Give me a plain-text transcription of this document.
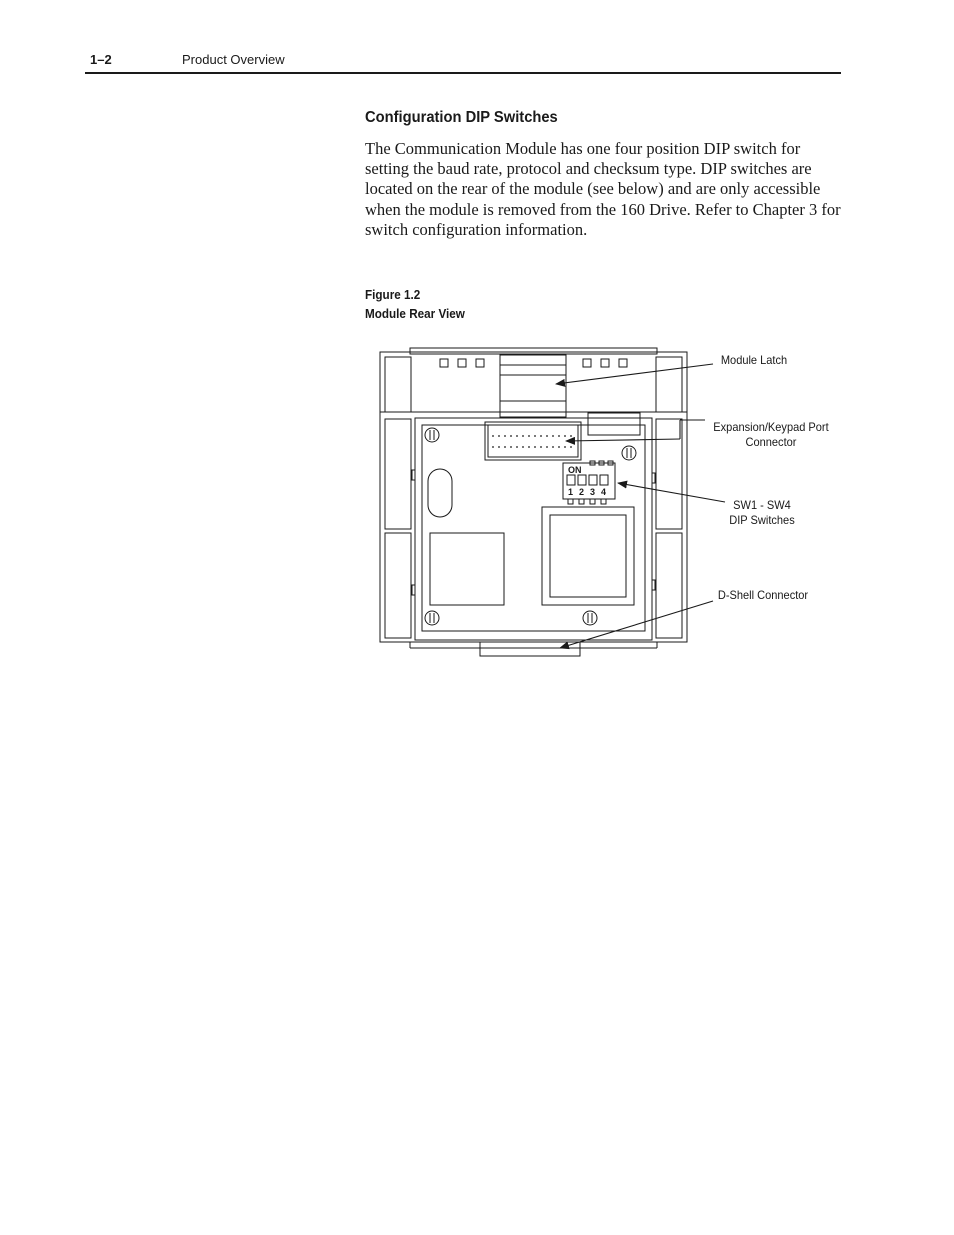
1–2	Product Overview
Configuration DIP Switches

The Communication Module has one four position DIP switch for setting the baud rate, protocol and checksum type. DIP switches are located on the rear of the module (see below) and are only accessible when the module is removed from the 160 Drive. Refer to Chapter 3 for switch configuration information.

Figure 1.2
Module Rear View
ON
1 2 3 4
Module Latch
Expansion/Keypad Port
Connector
SW1 - SW4
DIP Switches
D-Shell Connector
